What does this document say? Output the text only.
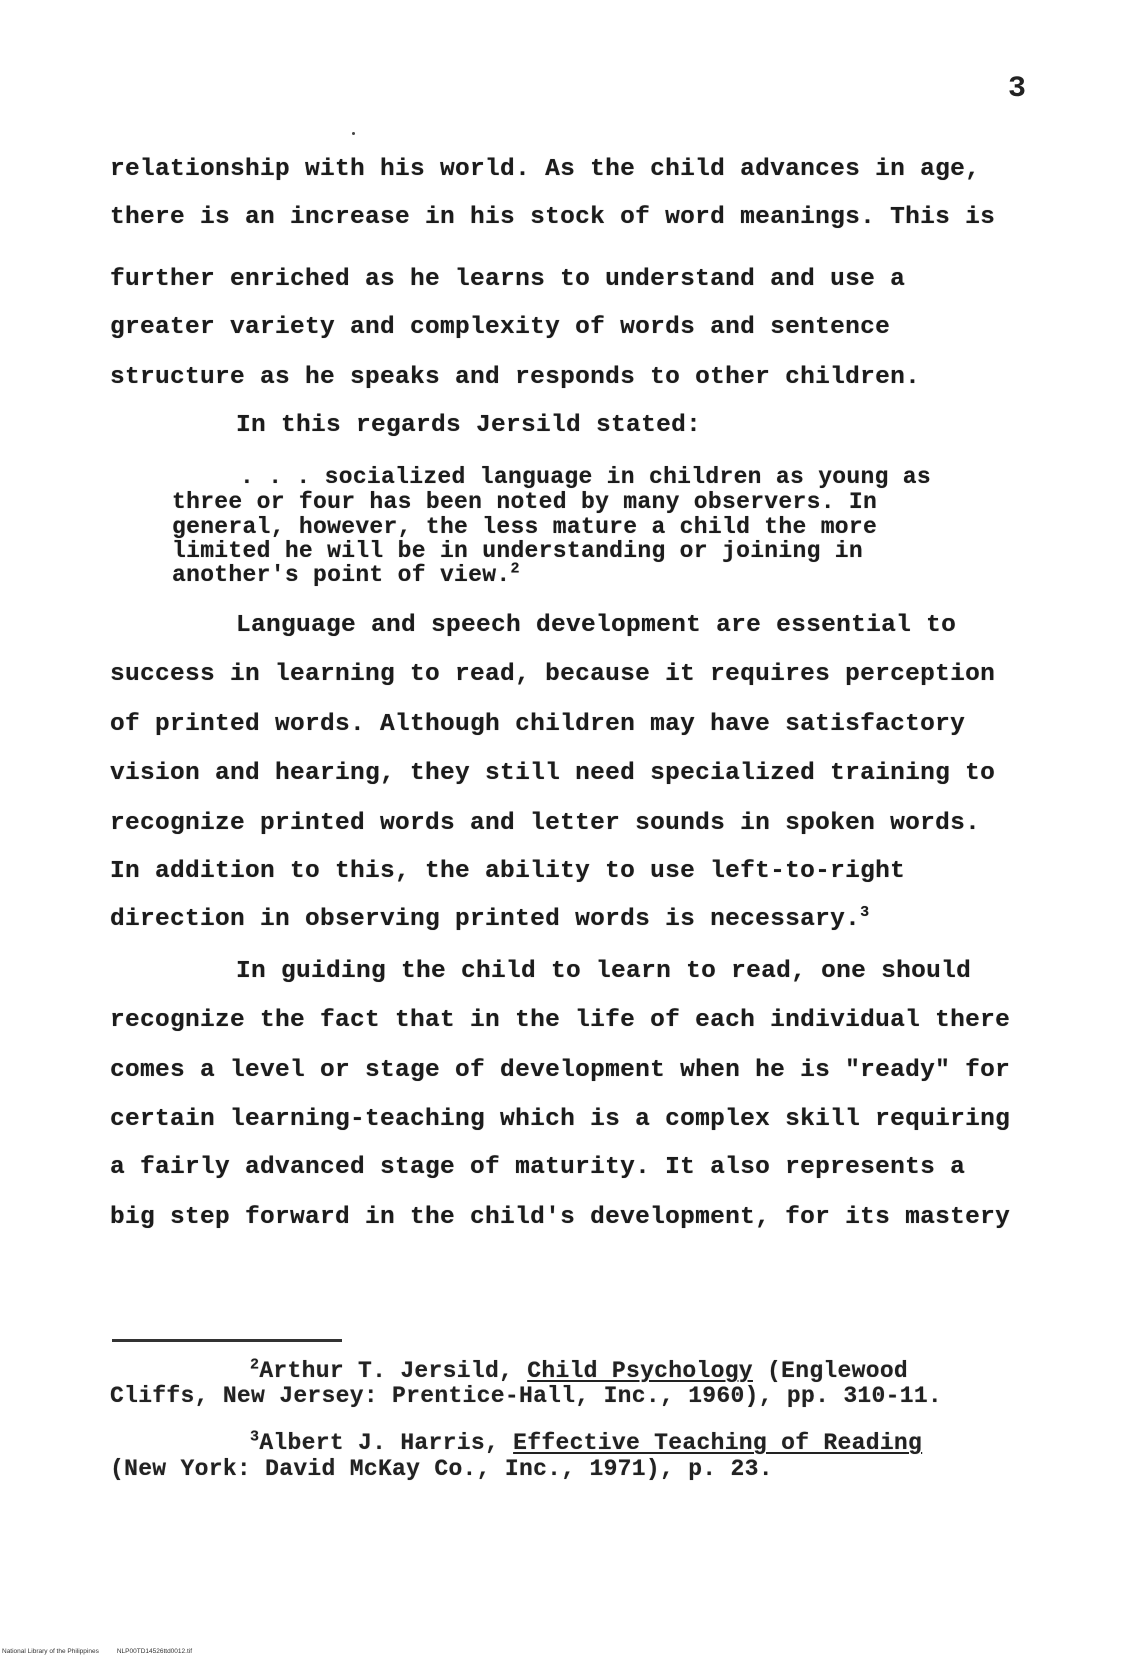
3
relationship with his world. As the child advances in age,
there is an increase in his stock of word meanings. This is
further enriched as he learns to understand and use a
greater variety and complexity of words and sentence
structure as he speaks and responds to other children.
In this regards Jersild stated:
. . . socialized language in children as young as
three or four has been noted by many observers. In
general, however, the less mature a child the more
limited he will be in understanding or joining in
another's point of view.$^2$
Language and speech development are essential to
success in learning to read, because it requires perception
of printed words. Although children may have satisfactory
vision and hearing, they still need specialized training to
recognize printed words and letter sounds in spoken words.
In addition to this, the ability to use left-to-right
direction in observing printed words is necessary.$^3$
In guiding the child to learn to read, one should
recognize the fact that in the life of each individual there
comes a level or stage of development when he is "ready" for
certain learning-teaching which is a complex skill requiring
a fairly advanced stage of maturity. It also represents a
big step forward in the child's development, for its mastery
$^2$Arthur T. Jersild, Child Psychology (Englewood
Cliffs, New Jersey: Prentice-Hall, Inc., 1960), pp. 310-11.
$^3$Albert J. Harris, Effective Teaching of Reading
(New York: David McKay Co., Inc., 1971), p. 23.
National Library of the Philippines	NLP00TD14526ttd0012.tif
